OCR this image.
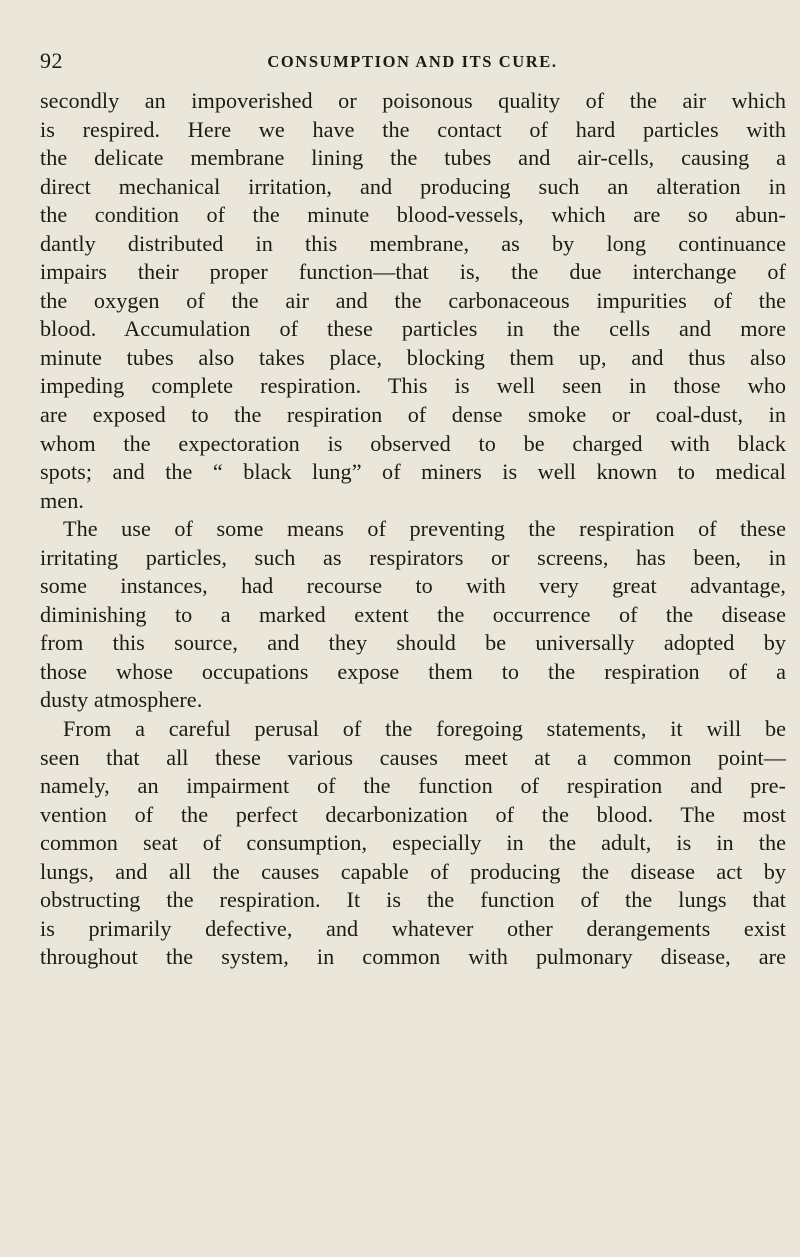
92	CONSUMPTION AND ITS CURE.
secondly an impoverished or poisonous quality of the air which
is respired. Here we have the contact of hard particles with
the delicate membrane lining the tubes and air-cells, causing a
direct mechanical irritation, and producing such an alteration in
the condition of the minute blood-vessels, which are so abun-
dantly distributed in this membrane, as by long continuance
impairs their proper function—that is, the due interchange of
the oxygen of the air and the carbonaceous impurities of the
blood. Accumulation of these particles in the cells and more
minute tubes also takes place, blocking them up, and thus also
impeding complete respiration. This is well seen in those who
are exposed to the respiration of dense smoke or coal-dust, in
whom the expectoration is observed to be charged with black
spots; and the “ black lung” of miners is well known to medical
men.
The use of some means of preventing the respiration of these
irritating particles, such as respirators or screens, has been, in
some instances, had recourse to with very great advantage,
diminishing to a marked extent the occurrence of the disease
from this source, and they should be universally adopted by
those whose occupations expose them to the respiration of a
dusty atmosphere.
From a careful perusal of the foregoing statements, it will be
seen that all these various causes meet at a common point—
namely, an impairment of the function of respiration and pre-
vention of the perfect decarbonization of the blood. The most
common seat of consumption, especially in the adult, is in the
lungs, and all the causes capable of producing the disease act by
obstructing the respiration. It is the function of the lungs that
is primarily defective, and whatever other derangements exist
throughout the system, in common with pulmonary disease, are
